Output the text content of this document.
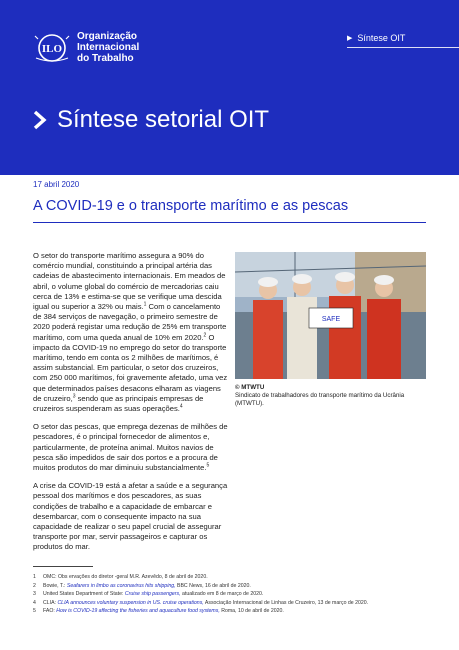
ILO
Organização
Internacional
do Trabalho
▶ Síntese OIT
Síntese setorial OIT
17 abril 2020
A COVID-19 e o transporte marítimo e as pescas

O setor do transporte marítimo assegura a 90% do comércio mundial, constituindo a principal artéria das cadeias de abastecimento internacionais. Em meados de abril, o volume global do comércio de mercadorias caiu cerca de 13% e estima-se que se verifique uma descida igual ou superior a 32% ou mais.$^1$ Com o cancelamento de 384 serviços de navegação, o primeiro semestre de 2020 poderá registar uma redução de 25% em transporte marítimo, com uma queda anual de 10% em 2020.$^2$ O impacto da COVID-19 no emprego do setor do transporte marítimo, tendo em conta os 2 milhões de marítimos, é assim substancial. Em particular, o setor dos cruzeiros, com 250 000 marítimos, foi gravemente afetado, uma vez que determinados países desacons elharam as viagens de cruzeiro,$^3$ sendo que as principais empresas de cruzeiros suspenderam as suas operações.$^4$

O setor das pescas, que emprega dezenas de milhões de pescadores, é o principal fornecedor de alimentos e, particularmente, de proteína animal. Muitos navios de pesca são impedidos de sair dos portos e a procura de muitos produtos do mar diminuiu substancialmente.$^5$

A crise da COVID-19 está a afetar a saúde e a segurança pessoal dos marítimos e dos pescadores, as suas condições de trabalho e a capacidade de embarcar e desembarcar, com o consequente impacto na sua capacidade de realizar o seu papel crucial de assegurar transporte por mar, servir passageiros e capturar os produtos do mar.

SAFE
© MTWTU
Sindicato de trabalhadores do transporte marítimo da Ucrânia (MTWTU).
1	OMC: Obs ervações do diretor -geral M.R. Azevêdo, 8 de abril de 2020.
2	Bowie, T.: Seafarers in limbo as coronavirus hits shipping, BBC News, 16 de abril de 2020.
3	United States Department of State: Cruise ship passengers, atualizado em 8 de março de 2020.
4	CLIA: CLIA announces voluntary suspension in US. cruise operations, Associação Internacional de Linhas de Cruzeiro, 13 de março de 2020.
5	FAO: How is COVID-19 affecting the fisheries and aquaculture food systems, Roma, 10 de abril de 2020.
